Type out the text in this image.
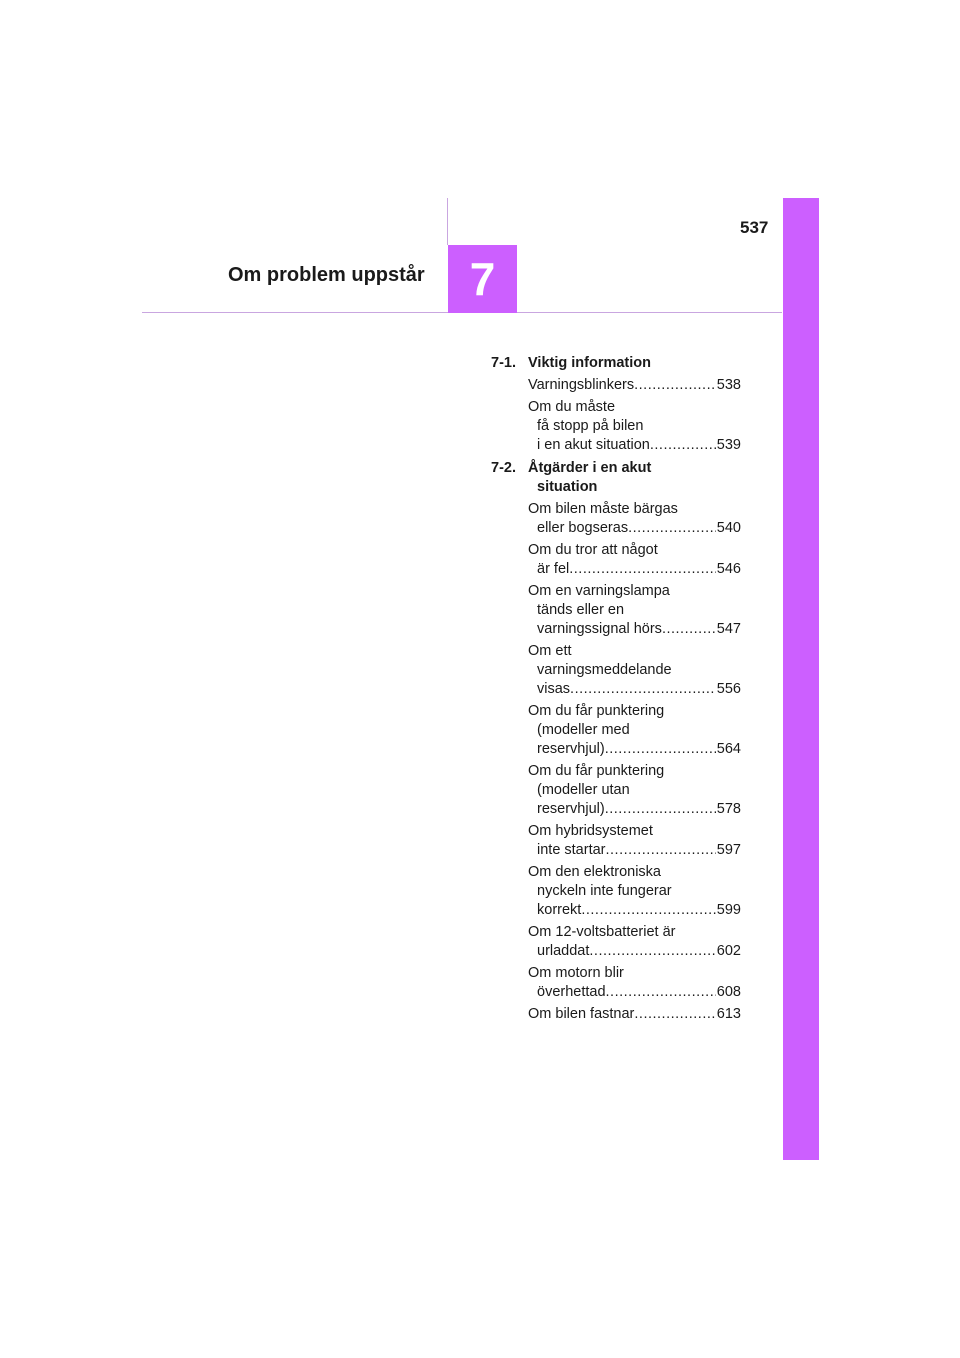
Om problem uppstår 7
537
7-1. Viktig information
Varningsblinkers .....	538
Om du måste
få stopp på bilen
i en akut situation .....	539
7-2. Åtgärder i en akut
situation
Om bilen måste bärgas
eller bogseras .....	540
Om du tror att något
är fel .....	546
Om en varningslampa
tänds eller en
varningssignal hörs .....	547
Om ett
varningsmeddelande
visas .....	556
Om du får punktering
(modeller med
reservhjul) .....	564
Om du får punktering
(modeller utan
reservhjul) .....	578
Om hybridsystemet
inte startar .....	597
Om den elektroniska
nyckeln inte fungerar
korrekt .....	599
Om 12-voltsbatteriet är
urladdat .....	602
Om motorn blir
överhettad .....	608
Om bilen fastnar .....	613
